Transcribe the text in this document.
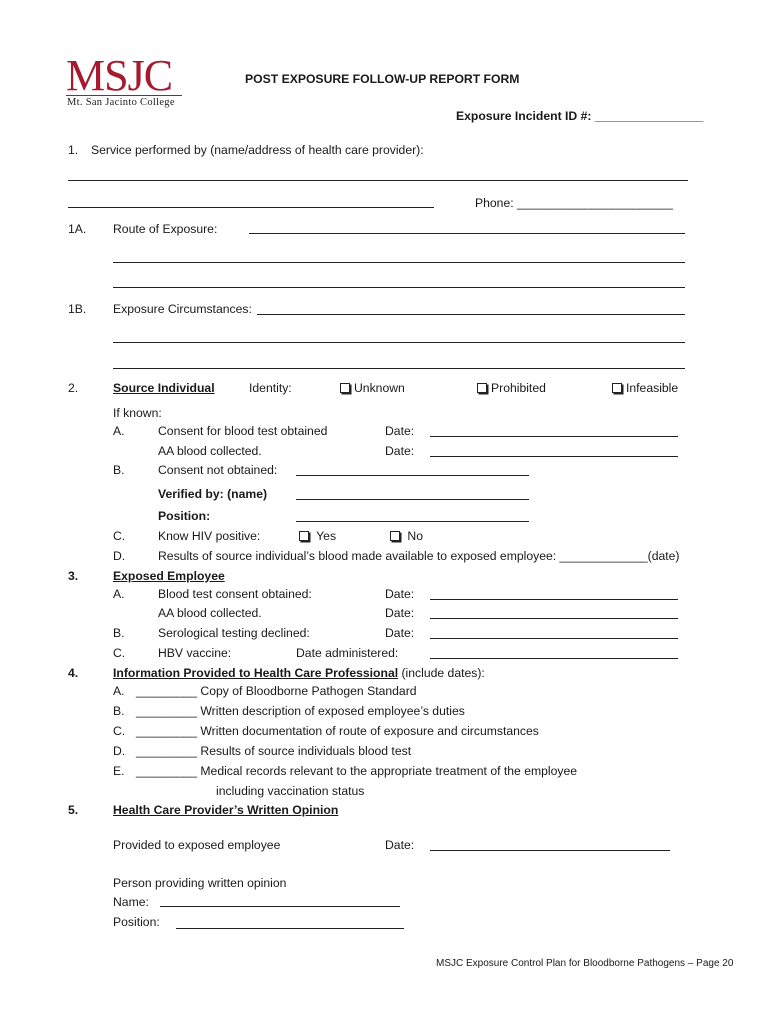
MSJC
Mt. San Jacinto College
POST EXPOSURE FOLLOW-UP REPORT FORM
Exposure Incident ID #: ________________
1. Service performed by (name/address of health care provider):
Phone: _______________________
1A. Route of Exposure:
1B. Exposure Circumstances:
2.	Source Individual	Identity:	Unknown	Prohibited	Infeasible
If known:
A.	Consent for blood test obtained	Date:
AA blood collected.	Date:
B.	Consent not obtained:
Verified by: (name)
Position:
C.	Know HIV positive:	Yes	No
D.	Results of source individual’s blood made available to exposed employee: _____________(date)
3.	Exposed Employee
A.	Blood test consent obtained:	Date:
AA blood collected.	Date:
B.	Serological testing declined:	Date:
C.	HBV vaccine:	Date administered:
4.	Information Provided to Health Care Professional (include dates):
A. _________ Copy of Bloodborne Pathogen Standard
B. _________ Written description of exposed employee’s duties
C. _________ Written documentation of route of exposure and circumstances
D. _________ Results of source individuals blood test
E. _________ Medical records relevant to the appropriate treatment of the employee
including vaccination status
5.	Health Care Provider’s Written Opinion
Provided to exposed employee	Date:
Person providing written opinion
Name:
Position:
MSJC Exposure Control Plan for Bloodborne Pathogens – Page 20
